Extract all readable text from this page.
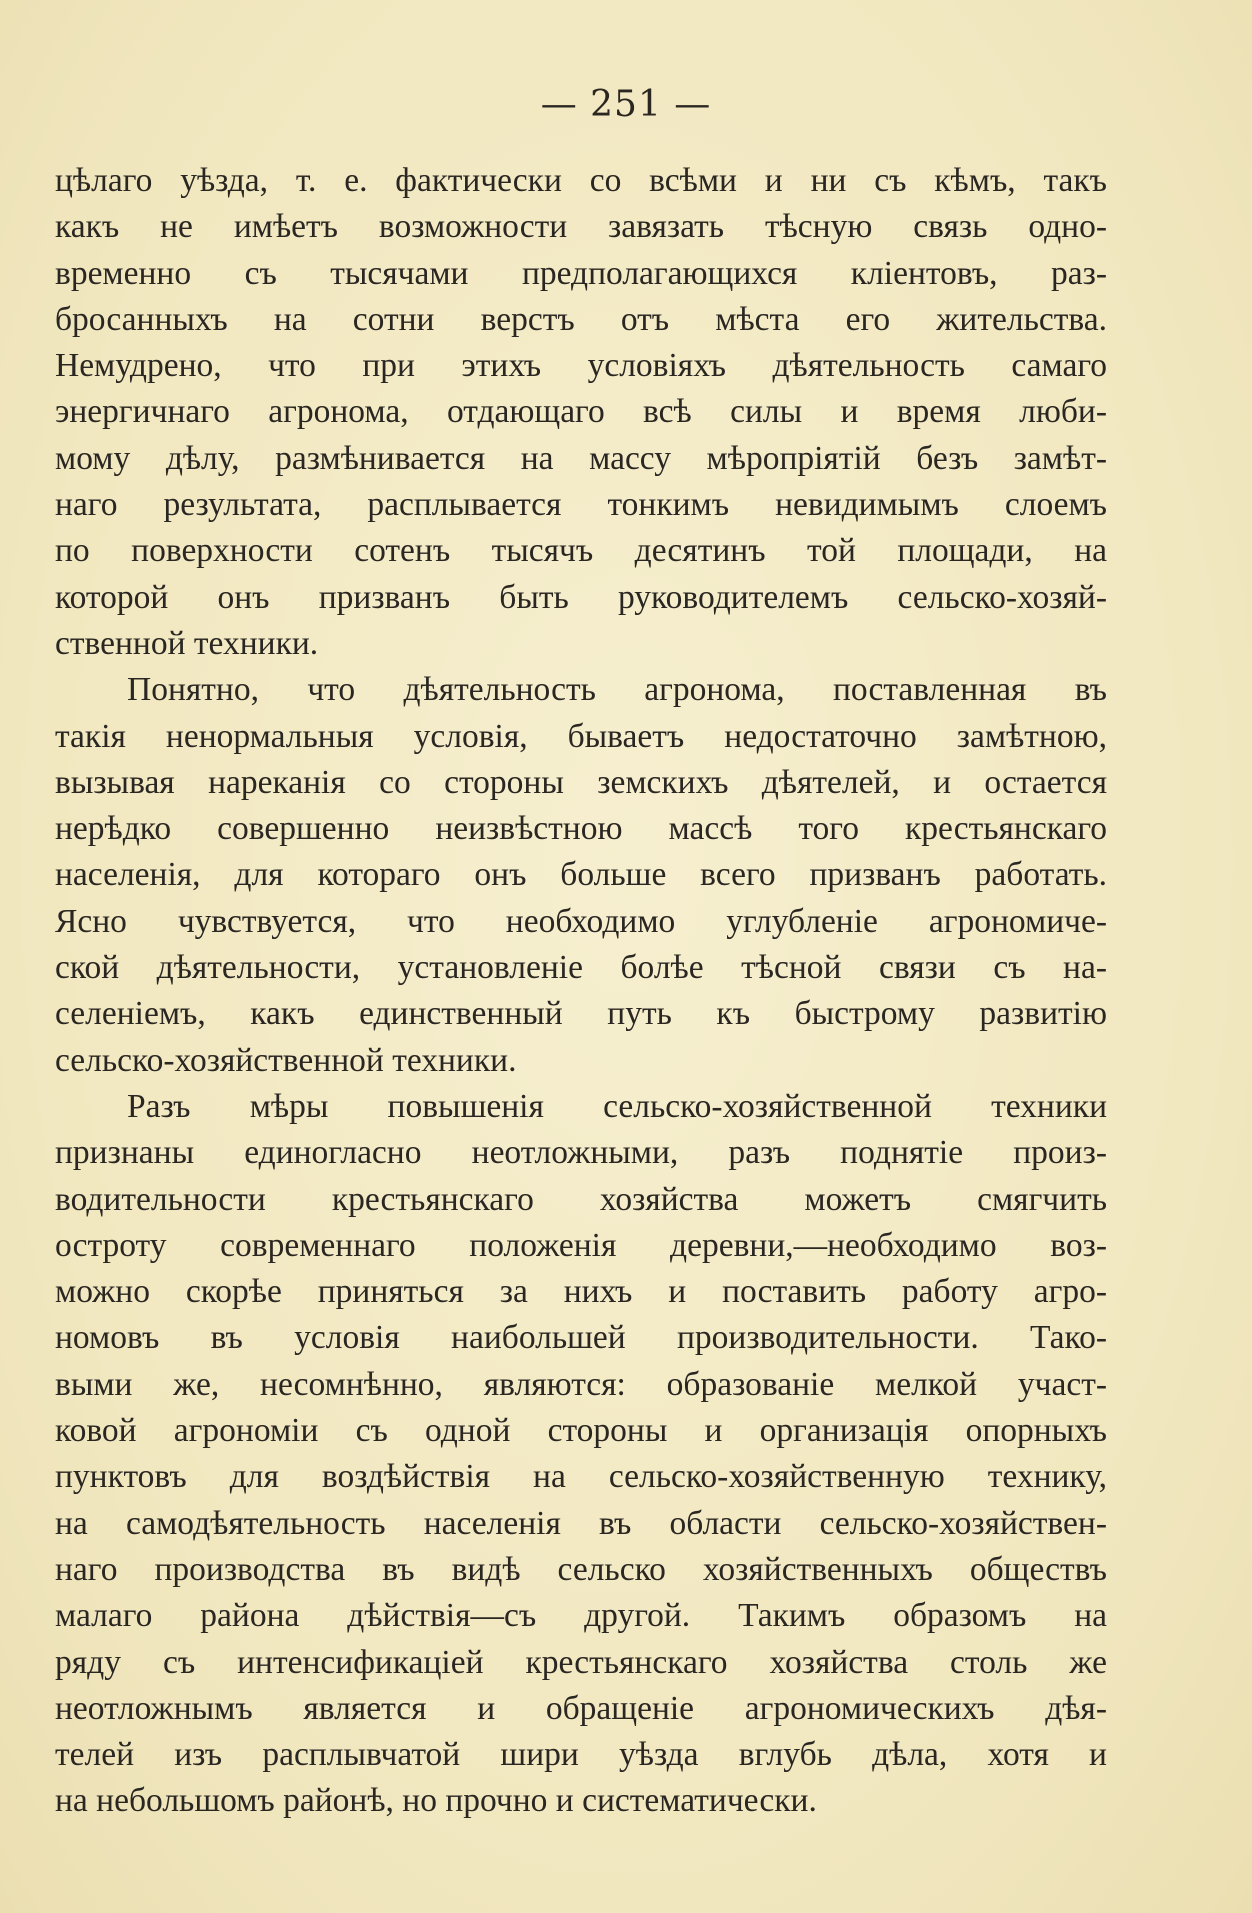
— 251 —
цѣлаго уѣзда, т. е. фактически со всѣми и ни съ кѣмъ, такъ
какъ не имѣетъ возможности завязать тѣсную связь одно-
временно съ тысячами предполагающихся кліентовъ, раз-
бросанныхъ на сотни верстъ отъ мѣста его жительства.
Немудрено, что при этихъ условіяхъ дѣятельность самаго
энергичнаго агронома, отдающаго всѣ силы и время люби-
мому дѣлу, размѣнивается на массу мѣропріятій безъ замѣт-
наго результата, расплывается тонкимъ невидимымъ слоемъ
по поверхности сотенъ тысячъ десятинъ той площади, на
которой онъ призванъ быть руководителемъ сельско-хозяй-
ственной техники.
Понятно, что дѣятельность агронома, поставленная въ
такія ненормальныя условія, бываетъ недостаточно замѣтною,
вызывая нареканія со стороны земскихъ дѣятелей, и остается
нерѣдко совершенно неизвѣстною массѣ того крестьянскаго
населенія, для котораго онъ больше всего призванъ работать.
Ясно чувствуется, что необходимо углубленіе агрономиче-
ской дѣятельности, установленіе болѣе тѣсной связи съ на-
селеніемъ, какъ единственный путь къ быстрому развитію
сельско-хозяйственной техники.
Разъ мѣры повышенія сельско-хозяйственной техники
признаны единогласно неотложными, разъ поднятіе произ-
водительности крестьянскаго хозяйства можетъ смягчить
остроту современнаго положенія деревни,—необходимо воз-
можно скорѣе приняться за нихъ и поставить работу агро-
номовъ въ условія наибольшей производительности. Тако-
выми же, несомнѣнно, являются: образованіе мелкой участ-
ковой агрономіи съ одной стороны и организація опорныхъ
пунктовъ для воздѣйствія на сельско-хозяйственную технику,
на самодѣятельность населенія въ области сельско-хозяйствен-
наго производства въ видѣ сельско хозяйственныхъ обществъ
малаго района дѣйствія—съ другой. Такимъ образомъ на
ряду съ интенсификаціей крестьянскаго хозяйства столь же
неотложнымъ является и обращеніе агрономическихъ дѣя-
телей изъ расплывчатой шири уѣзда вглубь дѣла, хотя и
на небольшомъ районѣ, но прочно и систематически.
